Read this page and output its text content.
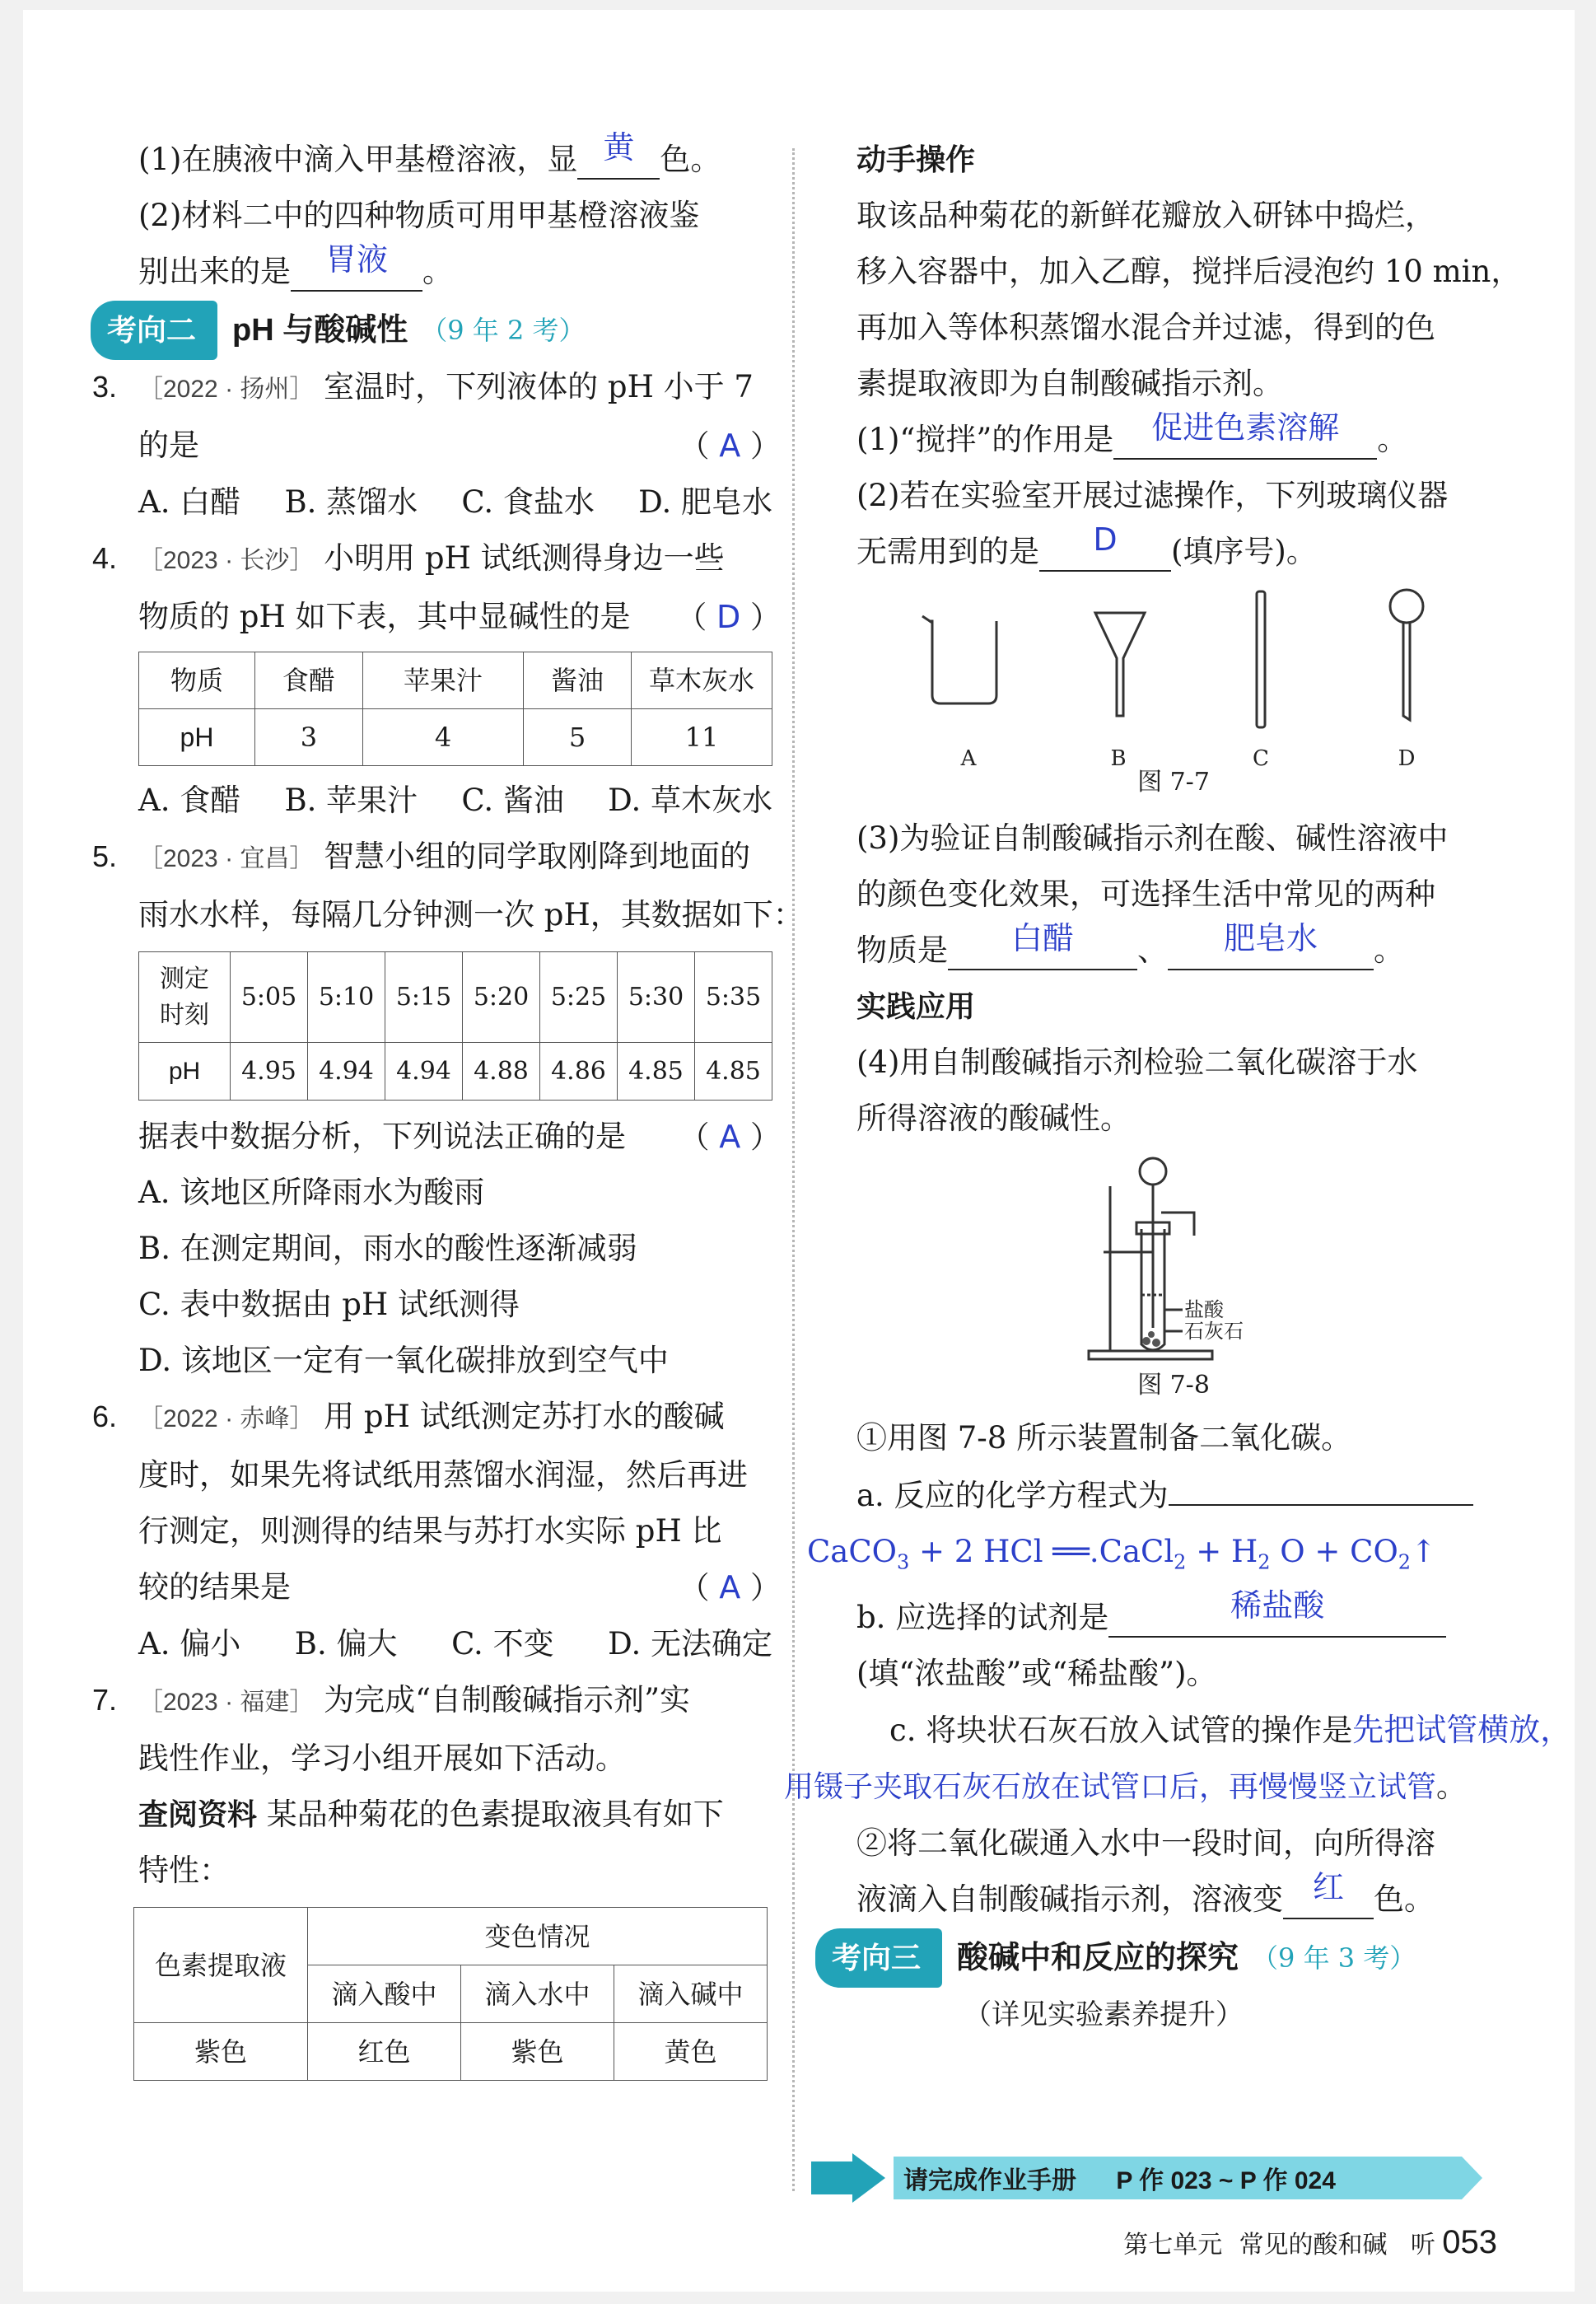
(1)在胰液中滴入甲基橙溶液，显 黄 色。
(2)材料二中的四种物质可用甲基橙溶液鉴
别出来的是 胃液 。
考向二	pH 与酸碱性 （9 年 2 考）
3. ［2022 · 扬州］ 室温时，下列液体的 pH 小于 7
的是	（ A ）
A. 白醋 B. 蒸馏水 C. 食盐水 D. 肥皂水
4. ［2023 · 长沙］ 小明用 pH 试纸测得身边一些
物质的 pH 如下表，其中显碱性的是 （ D ）
物质	食醋	苹果汁	酱油	草木灰水
pH	3	4	5	11
A. 食醋 B. 苹果汁 C. 酱油 D. 草木灰水
5. ［2023 · 宜昌］ 智慧小组的同学取刚降到地面的
雨水水样，每隔几分钟测一次 pH，其数据如下：
测定
时刻	5:05	5:10	5:15	5:20	5:25	5:30	5:35
pH	4.95	4.94	4.94	4.88	4.86	4.85	4.85
据表中数据分析，下列说法正确的是 （ A ）
A. 该地区所降雨水为酸雨
B. 在测定期间，雨水的酸性逐渐减弱
C. 表中数据由 pH 试纸测得
D. 该地区一定有一氧化碳排放到空气中
6. ［2022 · 赤峰］ 用 pH 试纸测定苏打水的酸碱
度时，如果先将试纸用蒸馏水润湿，然后再进
行测定，则测得的结果与苏打水实际 pH 比
较的结果是	（ A ）
A. 偏小 B. 偏大 C. 不变 D. 无法确定
7. ［2023 · 福建］ 为完成“自制酸碱指示剂”实
践性作业，学习小组开展如下活动。
查阅资料 某品种菊花的色素提取液具有如下
特性：
色素提取液	变色情况		
	滴入酸中	滴入水中	滴入碱中
紫色	红色	紫色	黄色
动手操作
取该品种菊花的新鲜花瓣放入研钵中捣烂，
移入容器中，加入乙醇，搅拌后浸泡约 10 min，
再加入等体积蒸馏水混合并过滤，得到的色
素提取液即为自制酸碱指示剂。
(1)“搅拌”的作用是 促进色素溶解 。
(2)若在实验室开展过滤操作，下列玻璃仪器
无需用到的是 D (填序号)。
A	B	C	D
图 7-7
(3)为验证自制酸碱指示剂在酸、碱性溶液中
的颜色变化效果，可选择生活中常见的两种
物质是 白醋 、 肥皂水 。
实践应用
(4)用自制酸碱指示剂检验二氧化碳溶于水
所得溶液的酸碱性。
盐酸
石灰石
图 7-8
①用图 7-8 所示装置制备二氧化碳。
a. 反应的化学方程式为
CaCO$_3$ + 2 HCl ══.CaCl$_2$ + $H_2$ $O + CO_2↑$
b. 应选择的试剂是	稀盐酸
(填“浓盐酸”或“稀盐酸”)。
c. 将块状石灰石放入试管的操作是先把试管横放，
用镊子夹取石灰石放在试管口后，再慢慢竖立试管。
②将二氧化碳通入水中一段时间，向所得溶
液滴入自制酸碱指示剂，溶液变 红 色。
考向三	酸碱中和反应的探究 （9 年 3 考）
（详见实验素养提升）
请完成作业手册 P 作 023 ~ P 作 024
第七单元 常见的酸和碱 听 053
